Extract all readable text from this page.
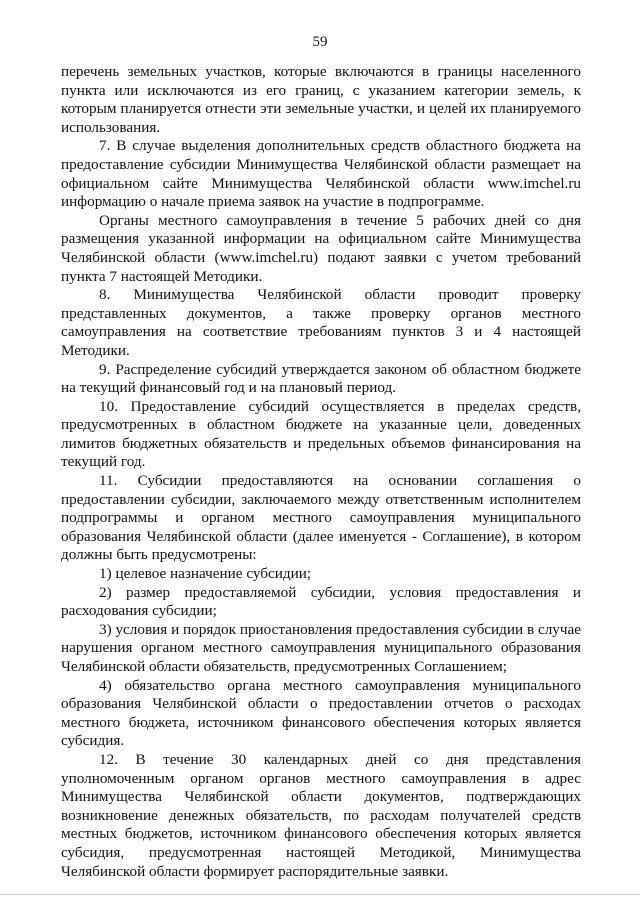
59

перечень земельных участков, которые включаются в границы населенного пункта или исключаются из его границ, с указанием категории земель, к которым планируется отнести эти земельные участки, и целей их планируемого использования.

7. В случае выделения дополнительных средств областного бюджета на предоставление субсидии Минимущества Челябинской области размещает на официальном сайте Минимущества Челябинской области www.imchel.ru информацию о начале приема заявок на участие в подпрограмме.

Органы местного самоуправления в течение 5 рабочих дней со дня размещения указанной информации на официальном сайте Минимущества Челябинской области (www.imchel.ru) подают заявки с учетом требований пункта 7 настоящей Методики.

8. Минимущества Челябинской области проводит проверку представленных документов, а также проверку органов местного самоуправления на соответствие требованиям пунктов 3 и 4 настоящей Методики.

9. Распределение субсидий утверждается законом об областном бюджете на текущий финансовый год и на плановый период.

10. Предоставление субсидий осуществляется в пределах средств, предусмотренных в областном бюджете на указанные цели, доведенных лимитов бюджетных обязательств и предельных объемов финансирования на текущий год.

11. Субсидии предоставляются на основании соглашения о предоставлении субсидии, заключаемого между ответственным исполнителем подпрограммы и органом местного самоуправления муниципального образования Челябинской области (далее именуется - Соглашение), в котором должны быть предусмотрены:

1) целевое назначение субсидии;

2) размер предоставляемой субсидии, условия предоставления и расходования субсидии;

3) условия и порядок приостановления предоставления субсидии в случае нарушения органом местного самоуправления муниципального образования Челябинской области обязательств, предусмотренных Соглашением;

4) обязательство органа местного самоуправления муниципального образования Челябинской области о предоставлении отчетов о расходах местного бюджета, источником финансового обеспечения которых является субсидия.

12. В течение 30 календарных дней со дня представления уполномоченным органом органов местного самоуправления в адрес Минимущества Челябинской области документов, подтверждающих возникновение денежных обязательств, по расходам получателей средств местных бюджетов, источником финансового обеспечения которых является субсидия, предусмотренная настоящей Методикой, Минимущества Челябинской области формирует распорядительные заявки.
